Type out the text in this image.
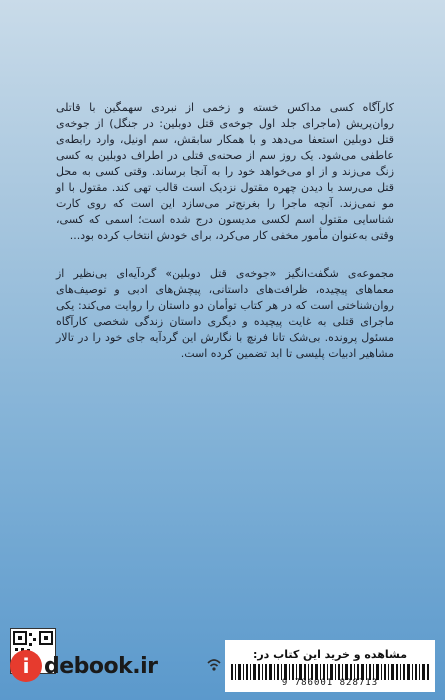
کارآگاه کسی مداکس خسته و زخمی از نبردی سهمگین با قاتلی روان‌پریش (ماجرای جلد اول جوخه‌ی قتل دوبلین: در جنگل) از جوخه‌ی قتل دوبلین استعفا می‌دهد و با همکار سابقش، سم اونیل، وارد رابطه‌ی عاطفی می‌شود. یک روز سم از صحنه‌ی قتلی در اطراف دوبلین به کسی زنگ می‌زند و از او می‌خواهد خود را به آنجا برساند. وقتی کسی به محل قتل می‌رسد با دیدن چهره مقتول نزدیک است قالب تهی کند. مقتول با او مو نمی‌زند. آنچه ماجرا را بغرنج‌تر می‌سازد این است که روی کارت شناسایی مقتول اسم لکسی مدیسون درج شده است؛ اسمی که کسی، وقتی به‌عنوان مأمور مخفی کار می‌کرد، برای خودش انتخاب کرده بود...

مجموعه‌ی شگفت‌انگیز «جوخه‌ی قتل دوبلین» گردآیه‌ای بی‌نظیر از معماهای پیچیده، ظرافت‌های داستانی، پیچش‌های ادبی و توصیف‌های روان‌شناختی است که در هر کتاب توأمان دو داستان را روایت می‌کند: یکی ماجرای قتلی به غایت پیچیده و دیگری داستان زندگی شخصی کارآگاه مسئول پرونده. بی‌شک تانا فرنچ با نگارش این گردآیه جای خود را در تالار مشاهیر ادبیات پلیسی تا ابد تضمین کرده است.

i debook.ir	مشاهده و خرید این کتاب در:
9 786001 828713
